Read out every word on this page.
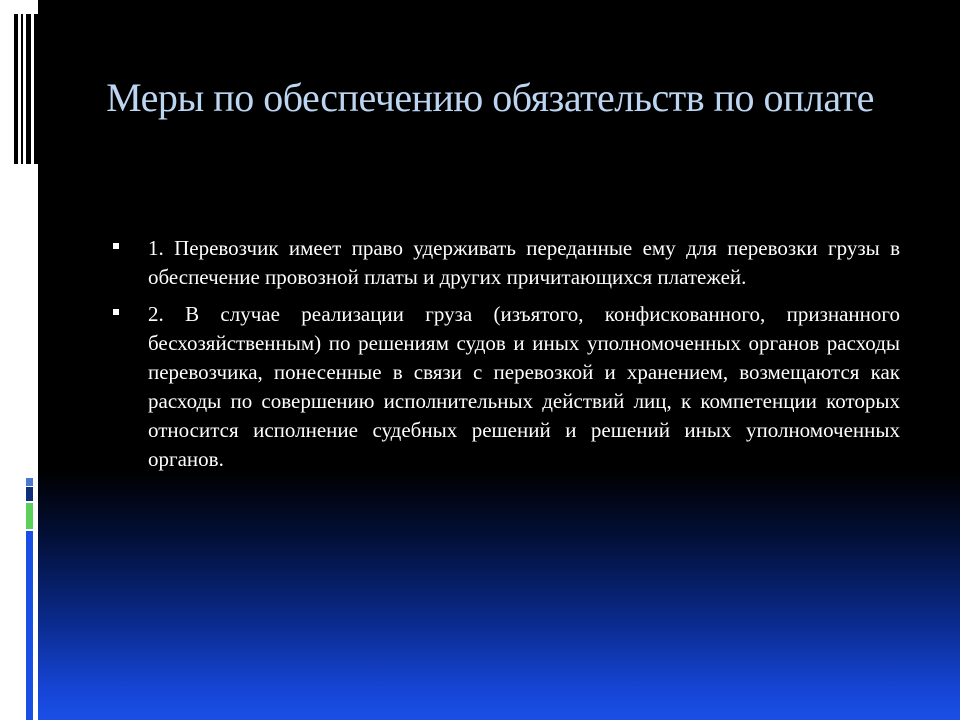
Меры по обеспечению обязательств по оплате
1. Перевозчик имеет право удерживать переданные ему для перевозки грузы в обеспечение провозной платы и других причитающихся платежей.
2. В случае реализации груза (изъятого, конфискованного, признанного бесхозяйственным) по решениям судов и иных уполномоченных органов расходы перевозчика, понесенные в связи с перевозкой и хранением, возмещаются как расходы по совершению исполнительных действий лиц, к компетенции которых относится исполнение судебных решений и решений иных уполномоченных органов.
